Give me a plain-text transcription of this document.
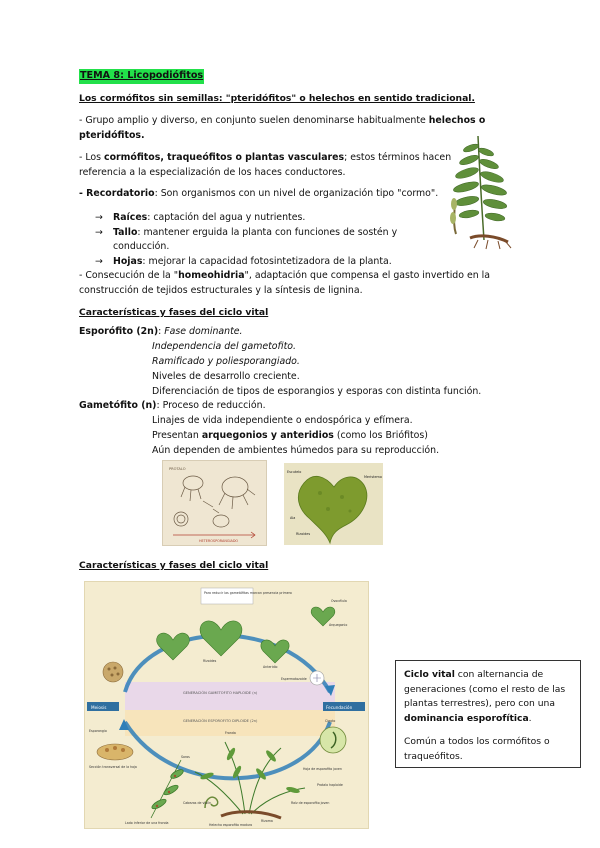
TEMA 8: Licopodiófitos
Los cormófitos sin semillas: "pteridófitos" o helechos en sentido tradicional.
- Grupo amplio y diverso, en conjunto suelen denominarse habitualmente helechos o
pteridófitos.
- Los cormófitos, traqueófitos o plantas vasculares; estos términos hacen
referencia a la especialización de los haces conductores.
- Recordatorio: Son organismos con un nivel de organización tipo "cormo".
→ Raíces: captación del agua y nutrientes.
→ Tallo: mantener erguida la planta con funciones de sostén y
conducción.
→ Hojas: mejorar la capacidad fotosintetizadora de la planta.
- Consecución de la "homeohidria", adaptación que compensa el gasto invertido en la
construcción de tejidos estructurales y la síntesis de lignina.
Características y fases del ciclo vital
Esporófito (2n): Fase dominante.
Independencia del gametofito.
Ramificado y poliesporangiado.
Niveles de desarrollo creciente.
Diferenciación de tipos de esporangios y esporas con distinta función.
Gametófito (n): Proceso de reducción.
Linajes de vida independiente o endospórica y efímera.
Presentan arquegonios y anteridios (como los Briófitos)
Aún dependen de ambientes húmedos para su reproducción.
PROTALO
HETEROSPORANGIADO
Escutelo
Meristemo
Ala
Rizoides
Características y fases del ciclo vital
Para reducir las gametófitas marcan presencia primero
Meiosis	Fecundación
GENERACIÓN GAMETOFITO HAPLOIDE (n)
GENERACIÓN ESPOROFITO DIPLOIDE (2n)
Rizoides
Anteridio
Espermatozoide
Ovocélula
Arquegonio
Cigoto
Hoja de esporofito joven
Protalo haploide
Raíz de esporofito joven
Fronda
Rizoma
Cabezas de violín
Soros
Esporangio
Sección transversal de la hoja
Helecho esporofito maduro
Lado inferior de una fronda

Ciclo vital con alternancia de generaciones (como el resto de las plantas terrestres), pero con una dominancia esporofítica.

Común a todos los cormófitos o traqueófitos.
